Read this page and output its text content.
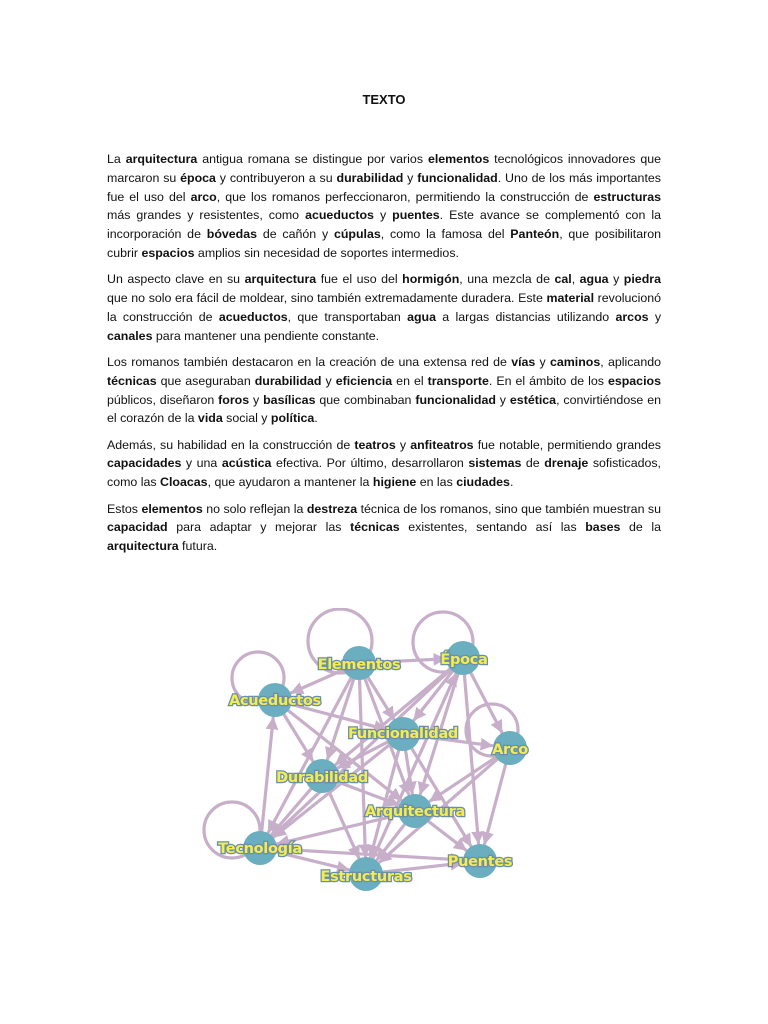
TEXTO

La arquitectura antigua romana se distingue por varios elementos tecnológicos innovadores que marcaron su época y contribuyeron a su durabilidad y funcionalidad. Uno de los más importantes fue el uso del arco, que los romanos perfeccionaron, permitiendo la construcción de estructuras más grandes y resistentes, como acueductos y puentes. Este avance se complementó con la incorporación de bóvedas de cañón y cúpulas, como la famosa del Panteón, que posibilitaron cubrir espacios amplios sin necesidad de soportes intermedios.

Un aspecto clave en su arquitectura fue el uso del hormigón, una mezcla de cal, agua y piedra que no solo era fácil de moldear, sino también extremadamente duradera. Este material revolucionó la construcción de acueductos, que transportaban agua a largas distancias utilizando arcos y canales para mantener una pendiente constante.

Los romanos también destacaron en la creación de una extensa red de vías y caminos, aplicando técnicas que aseguraban durabilidad y eficiencia en el transporte. En el ámbito de los espacios públicos, diseñaron foros y basílicas que combinaban funcionalidad y estética, convirtiéndose en el corazón de la vida social y política.

Además, su habilidad en la construcción de teatros y anfiteatros fue notable, permitiendo grandes capacidades y una acústica efectiva. Por último, desarrollaron sistemas de drenaje sofisticados, como las Cloacas, que ayudaron a mantener la higiene en las ciudades.

Estos elementos no solo reflejan la destreza técnica de los romanos, sino que también muestran su capacidad para adaptar y mejorar las técnicas existentes, sentando así las bases de la arquitectura futura.

Elementos	Época
Acueductos
Funcionalidad
Arco
Durabilidad
Arquitectura
Tecnología
Estructuras
Puentes
